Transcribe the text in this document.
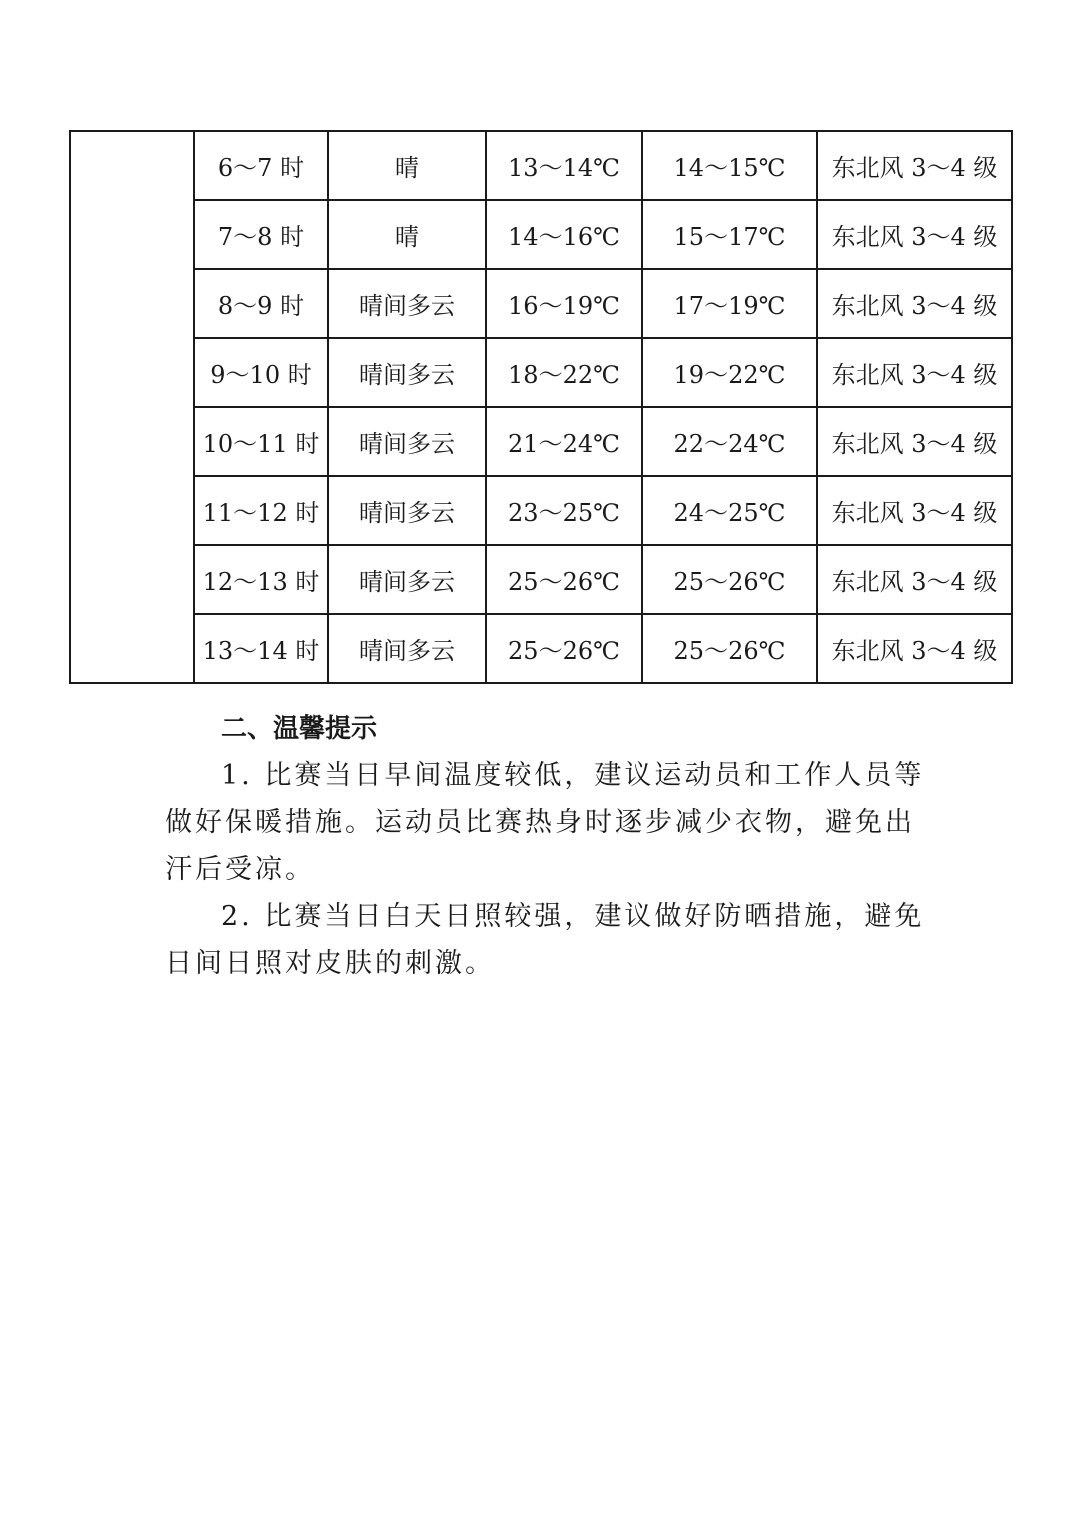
	6～7 时	晴	13～14℃	14～15℃	东北风 3～4 级
	7～8 时	晴	14～16℃	15～17℃	东北风 3～4 级
	8～9 时	晴间多云	16～19℃	17～19℃	东北风 3～4 级
	9～10 时	晴间多云	18～22℃	19～22℃	东北风 3～4 级
	10～11 时	晴间多云	21～24℃	22～24℃	东北风 3～4 级
	11～12 时	晴间多云	23～25℃	24～25℃	东北风 3～4 级
	12～13 时	晴间多云	25～26℃	25～26℃	东北风 3～4 级
	13～14 时	晴间多云	25～26℃	25～26℃	东北风 3～4 级

二、温馨提示

1. 比赛当日早间温度较低，建议运动员和工作人员等做好保暖措施。运动员比赛热身时逐步减少衣物，避免出汗后受凉。

2. 比赛当日白天日照较强，建议做好防晒措施，避免日间日照对皮肤的刺激。
